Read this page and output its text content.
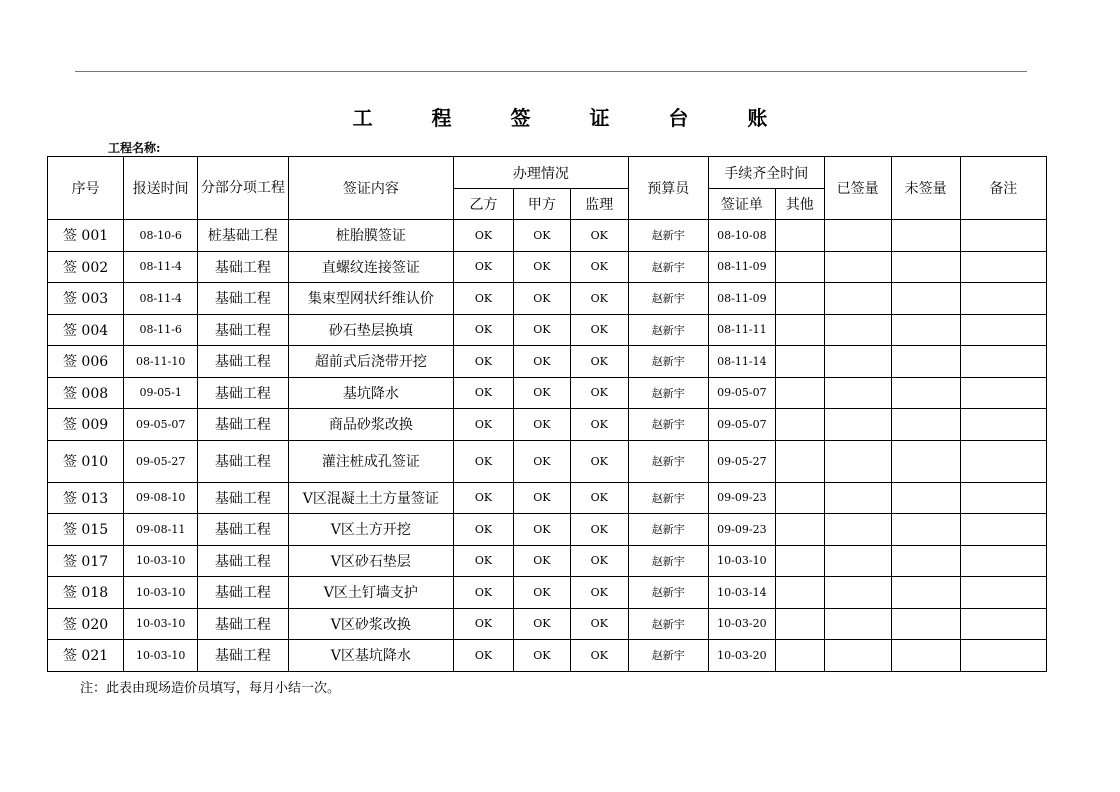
工 程 签 证 台 账
工程名称:
序号	报送时间	分部分项工程	签证内容	办理情况			预算员	手续齐全时间		已签量	未签量	备注
				乙方	甲方	监理		签证单	其他			
签 001	08-10-6	桩基础工程	桩胎膜签证	OK	OK	OK	赵新宇	08-10-08				
签 002	08-11-4	基础工程	直螺纹连接签证	OK	OK	OK	赵新宇	08-11-09				
签 003	08-11-4	基础工程	集束型网状纤维认价	OK	OK	OK	赵新宇	08-11-09				
签 004	08-11-6	基础工程	砂石垫层换填	OK	OK	OK	赵新宇	08-11-11				
签 006	08-11-10	基础工程	超前式后浇带开挖	OK	OK	OK	赵新宇	08-11-14				
签 008	09-05-1	基础工程	基坑降水	OK	OK	OK	赵新宇	09-05-07				
签 009	09-05-07	基础工程	商品砂浆改换	OK	OK	OK	赵新宇	09-05-07				
签 010	09-05-27	基础工程	灌注桩成孔签证	OK	OK	OK	赵新宇	09-05-27				
签 013	09-08-10	基础工程	Ⅴ区混凝土土方量签证	OK	OK	OK	赵新宇	09-09-23				
签 015	09-08-11	基础工程	Ⅴ区土方开挖	OK	OK	OK	赵新宇	09-09-23				
签 017	10-03-10	基础工程	Ⅴ区砂石垫层	OK	OK	OK	赵新宇	10-03-10				
签 018	10-03-10	基础工程	Ⅴ区土钉墙支护	OK	OK	OK	赵新宇	10-03-14				
签 020	10-03-10	基础工程	Ⅴ区砂浆改换	OK	OK	OK	赵新宇	10-03-20				
签 021	10-03-10	基础工程	Ⅴ区基坑降水	OK	OK	OK	赵新宇	10-03-20				
注：此表由现场造价员填写，每月小结一次。
